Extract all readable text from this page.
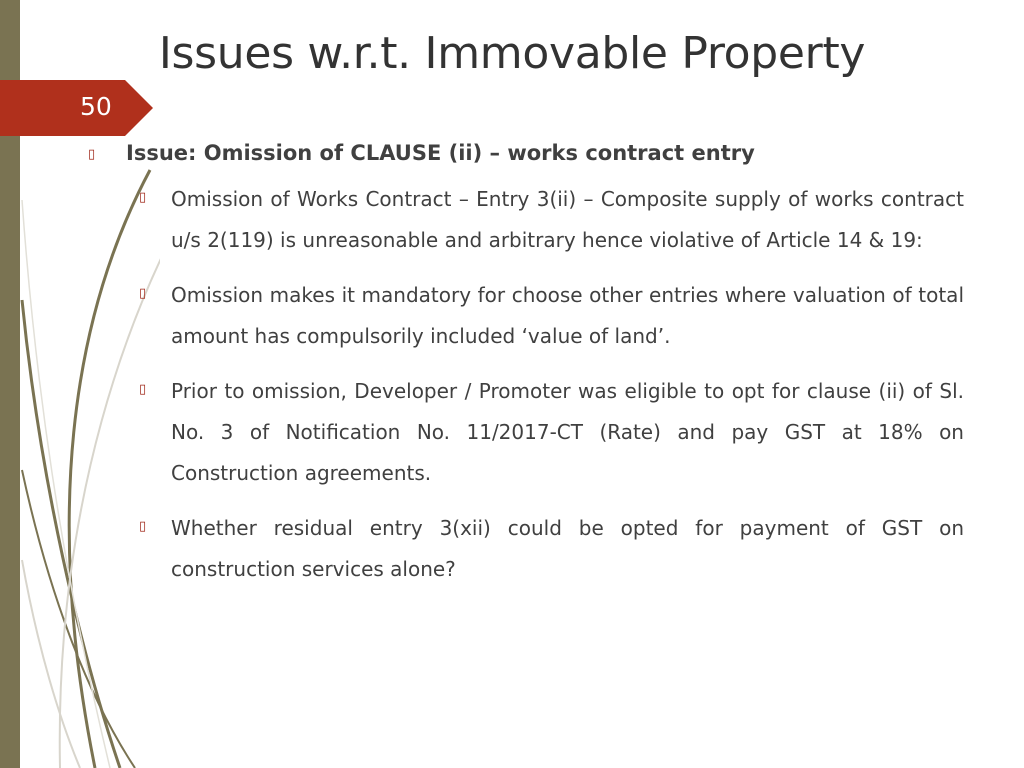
50
Issues w.r.t. Immovable Property
▯ Issue: Omission of CLAUSE (ii) – works contract entry
▯ Omission of Works Contract – Entry 3(ii) – Composite supply of works contract u/s 2(119) is unreasonable and arbitrary hence violative of Article 14 & 19:
▯ Omission makes it mandatory for choose other entries where valuation of total amount has compulsorily included ‘value of land’.
▯ Prior to omission, Developer / Promoter was eligible to opt for clause (ii) of Sl. No. 3 of Notification No. 11/2017-CT (Rate) and pay GST at 18% on Construction agreements.
▯ Whether residual entry 3(xii) could be opted for payment of GST on construction services alone?
